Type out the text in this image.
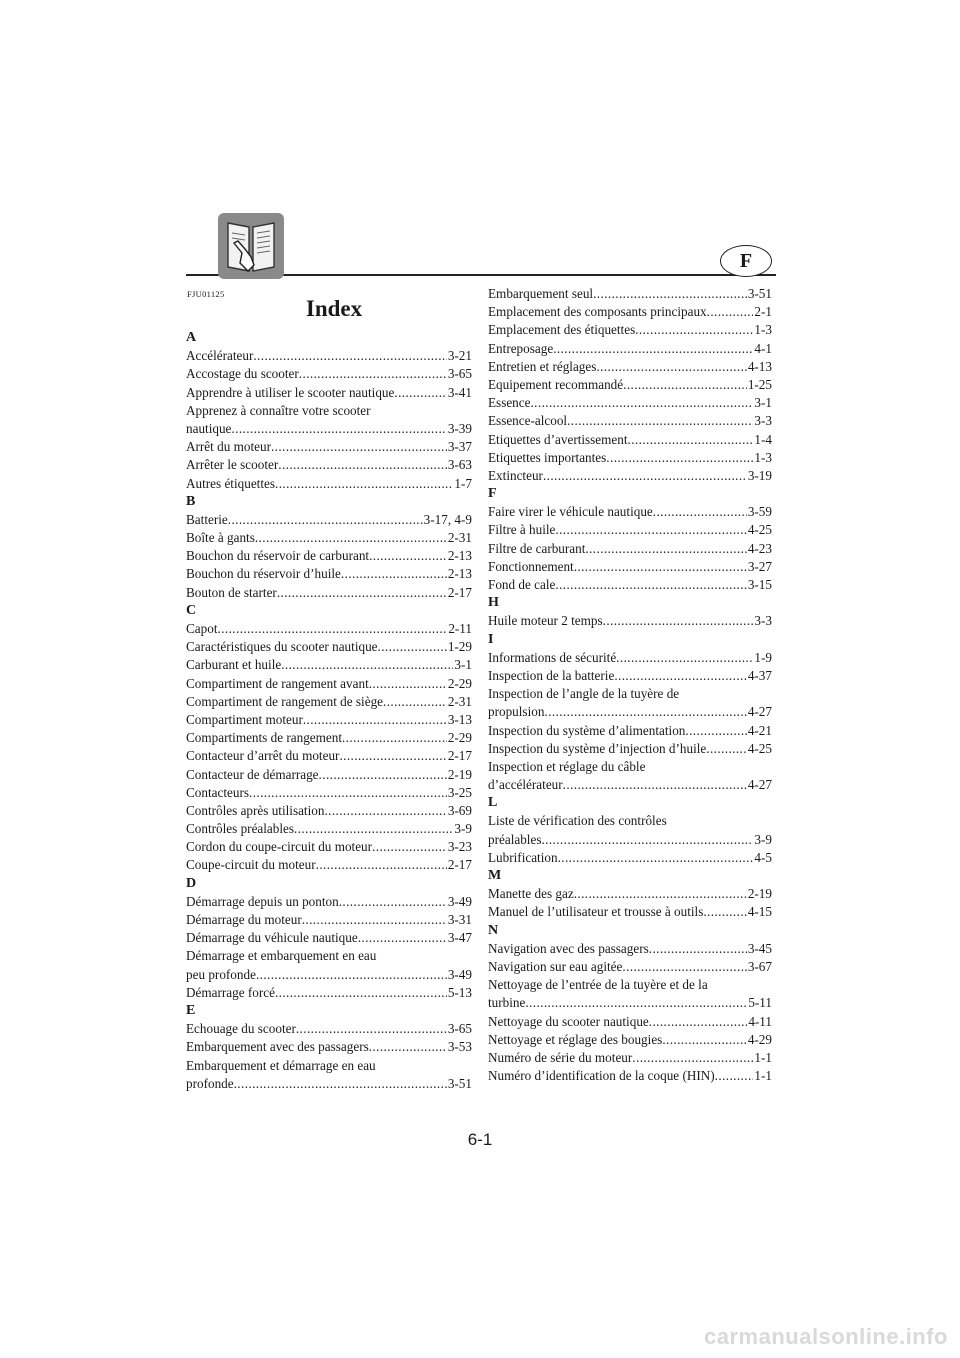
F
FJU01125
Index
A
Accélérateur .....	3-21
Accostage du scooter .....	3-65
Apprendre à utiliser le scooter nautique .....	3-41
Apprenez à connaître votre scooter
nautique .....	3-39
Arrêt du moteur .....	3-37
Arrêter le scooter .....	3-63
Autres étiquettes .....	1-7
B
Batterie .....	3-17, 4-9
Boîte à gants .....	2-31
Bouchon du réservoir de carburant .....	2-13
Bouchon du réservoir d’huile .....	2-13
Bouton de starter .....	2-17
C
Capot .....	2-11
Caractéristiques du scooter nautique .....	1-29
Carburant et huile .....	3-1
Compartiment de rangement avant .....	2-29
Compartiment de rangement de siège .....	2-31
Compartiment moteur .....	3-13
Compartiments de rangement .....	2-29
Contacteur d’arrêt du moteur .....	2-17
Contacteur de démarrage .....	2-19
Contacteurs .....	3-25
Contrôles après utilisation .....	3-69
Contrôles préalables .....	3-9
Cordon du coupe-circuit du moteur .....	3-23
Coupe-circuit du moteur .....	2-17
D
Démarrage depuis un ponton .....	3-49
Démarrage du moteur .....	3-31
Démarrage du véhicule nautique .....	3-47
Démarrage et embarquement en eau
peu profonde .....	3-49
Démarrage forcé .....	5-13
E
Echouage du scooter .....	3-65
Embarquement avec des passagers .....	3-53
Embarquement et démarrage en eau
profonde .....	3-51
Embarquement seul .....	3-51
Emplacement des composants principaux .....	2-1
Emplacement des étiquettes .....	1-3
Entreposage .....	4-1
Entretien et réglages .....	4-13
Equipement recommandé .....	1-25
Essence .....	3-1
Essence-alcool .....	3-3
Etiquettes d’avertissement .....	1-4
Etiquettes importantes .....	1-3
Extincteur .....	3-19
F
Faire virer le véhicule nautique .....	3-59
Filtre à huile .....	4-25
Filtre de carburant .....	4-23
Fonctionnement .....	3-27
Fond de cale .....	3-15
H
Huile moteur 2 temps .....	3-3
I
Informations de sécurité .....	1-9
Inspection de la batterie .....	4-37
Inspection de l’angle de la tuyère de
propulsion .....	4-27
Inspection du système d’alimentation .....	4-21
Inspection du système d’injection d’huile .....	4-25
Inspection et réglage du câble
d’accélérateur .....	4-27
L
Liste de vérification des contrôles
préalables .....	3-9
Lubrification .....	4-5
M
Manette des gaz .....	2-19
Manuel de l’utilisateur et trousse à outils .....	4-15
N
Navigation avec des passagers .....	3-45
Navigation sur eau agitée .....	3-67
Nettoyage de l’entrée de la tuyère et de la
turbine .....	5-11
Nettoyage du scooter nautique .....	4-11
Nettoyage et réglage des bougies .....	4-29
Numéro de série du moteur .....	1-1
Numéro d’identification de la coque (HIN) .....	1-1
6-1
carmanualsonline.info
